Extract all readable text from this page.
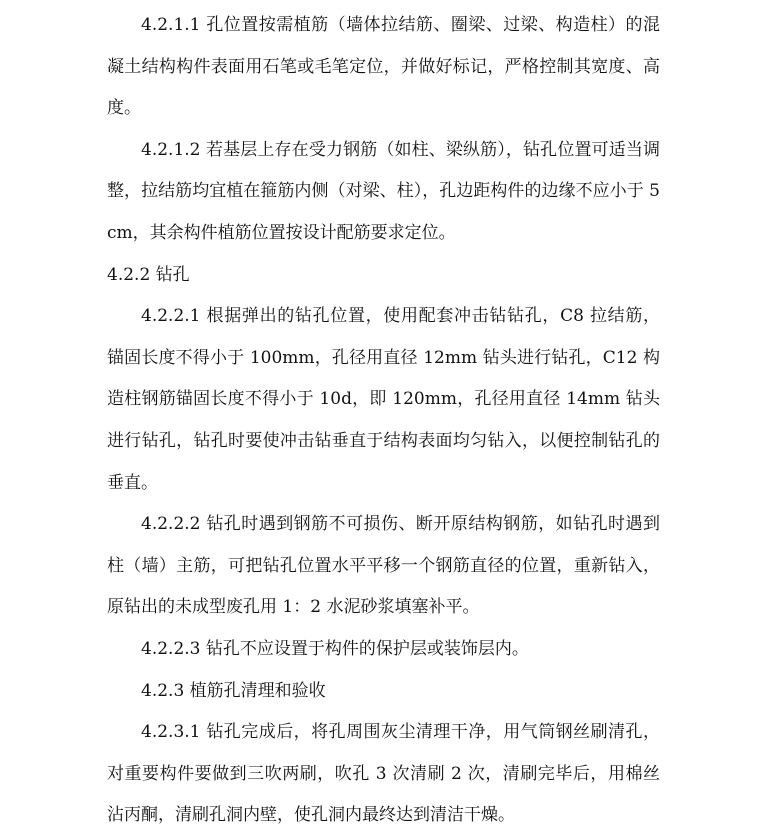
4.2.1.1 孔位置按需植筋（墙体拉结筋、圈梁、过梁、构造柱）的混凝土结构构件表面用石笔或毛笔定位，并做好标记，严格控制其宽度、高度。

4.2.1.2 若基层上存在受力钢筋（如柱、梁纵筋），钻孔位置可适当调整，拉结筋均宜植在箍筋内侧（对梁、柱），孔边距构件的边缘不应小于 5cm，其余构件植筋位置按设计配筋要求定位。

4.2.2 钻孔

4.2.2.1 根据弹出的钻孔位置，使用配套冲击钻钻孔，C8 拉结筋，锚固长度不得小于 100mm，孔径用直径 12mm 钻头进行钻孔，C12 构造柱钢筋锚固长度不得小于 10d，即 120mm，孔径用直径 14mm 钻头进行钻孔，钻孔时要使冲击钻垂直于结构表面均匀钻入，以便控制钻孔的垂直。

4.2.2.2 钻孔时遇到钢筋不可损伤、断开原结构钢筋，如钻孔时遇到柱（墙）主筋，可把钻孔位置水平平移一个钢筋直径的位置，重新钻入，原钻出的未成型废孔用 1：2 水泥砂浆填塞补平。

4.2.2.3 钻孔不应设置于构件的保护层或装饰层内。

4.2.3 植筋孔清理和验收

4.2.3.1 钻孔完成后，将孔周围灰尘清理干净，用气筒钢丝刷清孔，对重要构件要做到三吹两刷，吹孔 3 次清刷 2 次，清刷完毕后，用棉丝沾丙酮，清刷孔洞内壁，使孔洞内最终达到清洁干燥。
